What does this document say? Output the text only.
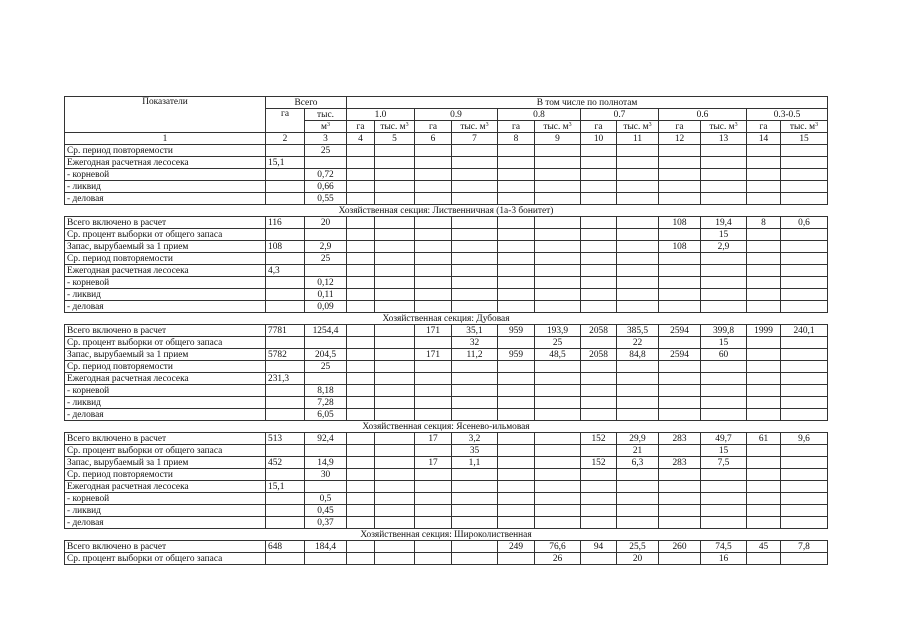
Показатели	Всего		В том числе по полнотам											
	га	тыс.	1.0		0.9		0.8		0.7		0.6		0.3-0.5	
		$м^3$	га	тыс. $м^3$	га	тыс. $м^3$	га	тыс. $м^3$	га	тыс. $м^3$	га	тыс. $м^3$	га	тыс. $м^3$
1	2	3	4	5	6	7	8	9	10	11	12	13	14	15
Ср. период повторяемости		25												
Ежегодная расчетная лесосека	15,1													
- корневой		0,72												
- ликвид		0,66												
- деловая		0,55												
Хозяйственная секция: Лиственничная (1а-3 бонитет)														
Всего включено в расчет	116	20									108	19,4	8	0,6
Ср. процент выборки от общего запаса												15		
Запас, вырубаемый за 1 прием	108	2,9									108	2,9		
Ср. период повторяемости		25												
Ежегодная расчетная лесосека	4,3													
- корневой		0,12												
- ликвид		0,11												
- деловая		0,09												
Хозяйственная секция: Дубовая														
Всего включено в расчет	7781	1254,4			171	35,1	959	193,9	2058	385,5	2594	399,8	1999	240,1
Ср. процент выборки от общего запаса						32		25		22		15		
Запас, вырубаемый за 1 прием	5782	204,5			171	11,2	959	48,5	2058	84,8	2594	60		
Ср. период повторяемости		25												
Ежегодная расчетная лесосека	231,3													
- корневой		8,18												
- ликвид		7,28												
- деловая		6,05												
Хозяйственная секция: Ясенево-ильмовая														
Всего включено в расчет	513	92,4			17	3,2			152	29,9	283	49,7	61	9,6
Ср. процент выборки от общего запаса						35				21		15		
Запас, вырубаемый за 1 прием	452	14,9			17	1,1			152	6,3	283	7,5		
Ср. период повторяемости		30												
Ежегодная расчетная лесосека	15,1													
- корневой		0,5												
- ликвид		0,45												
- деловая		0,37												
Хозяйственная секция: Широколиственная														
Всего включено в расчет	648	184,4					249	76,6	94	25,5	260	74,5	45	7,8
Ср. процент выборки от общего запаса								26		20		16		
